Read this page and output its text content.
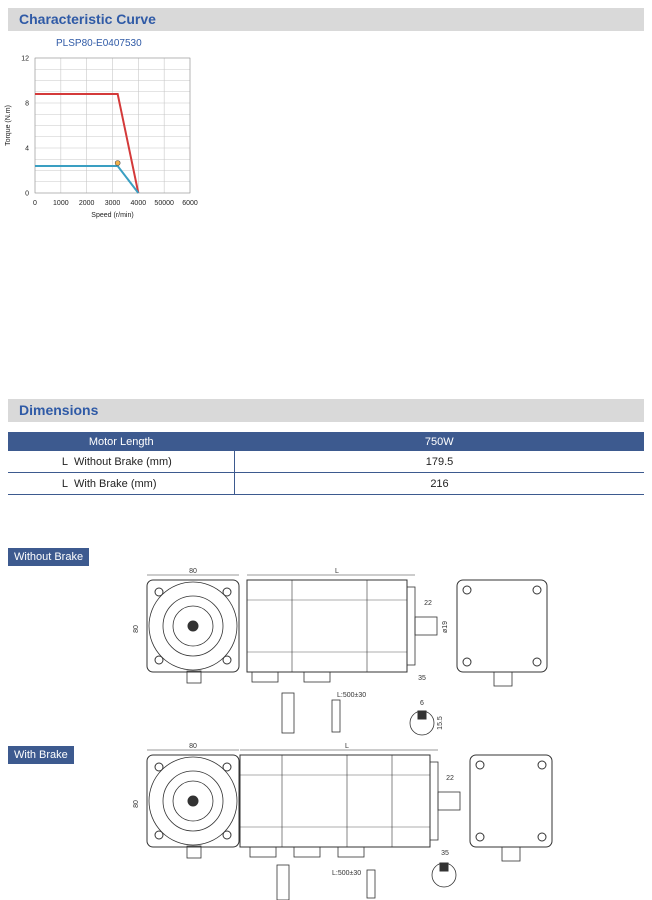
Characteristic Curve
PLSP80-E0407530
0
4
8
12
0 1000 2000 3000 4000 50000 6000
Speed (r/min)
Torque (N.m)
Dimensions
Motor Length	750W
L Without Brake (mm)	179.5
L With Brake (mm)	216
Without Brake
80
80
L
22
ø19
35
L:500±30
6
15.5
With Brake
80
80
L
22
35
L:500±30
